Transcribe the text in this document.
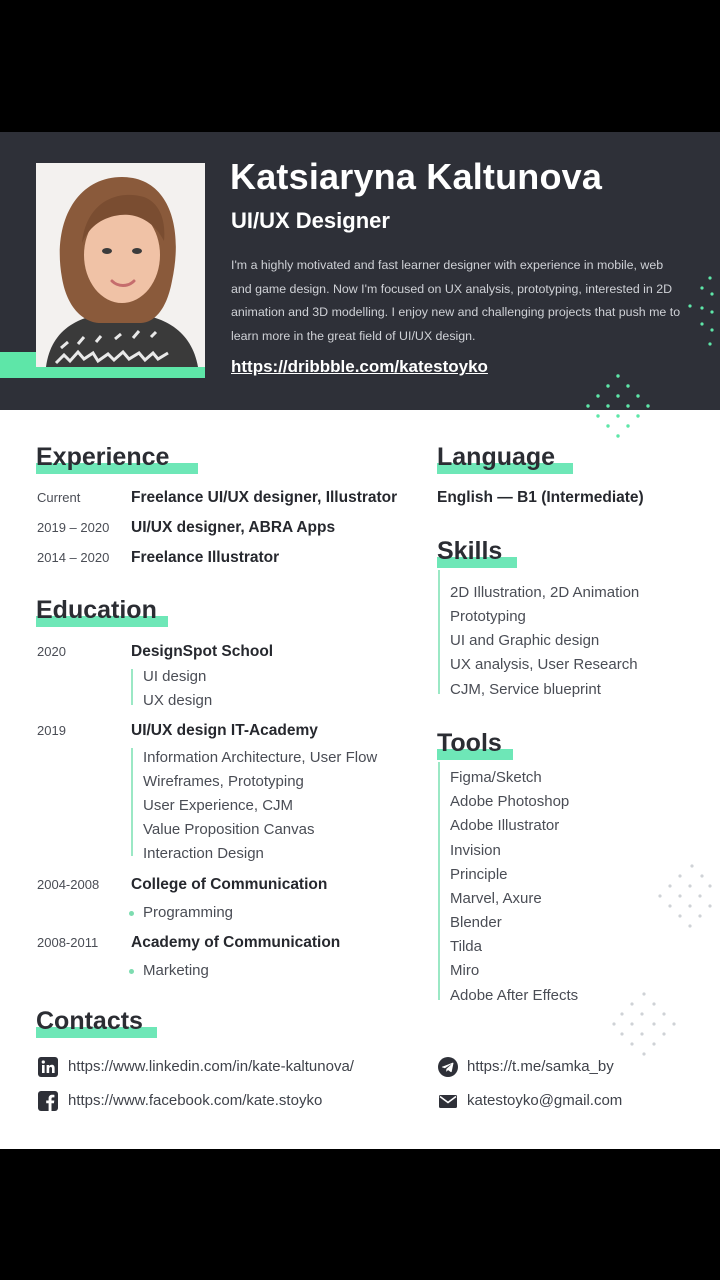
Katsiaryna Kaltunova
UI/UX Designer
I'm a highly motivated and fast learner designer with experience in mobile, web and game design. Now I'm focused on UX analysis, prototyping, interested in 2D animation and 3D modelling. I enjoy new and challenging projects that push me to learn more in the great field of UI/UX design.
https://dribbble.com/katestoyko
Experience
Current	Freelance UI/UX designer, Illustrator
2019 – 2020 UI/UX designer, ABRA Apps
2014 – 2020 Freelance Illustrator
Education
2020	DesignSpot School
UI design
UX design
2019	UI/UX design IT-Academy
Information Architecture, User Flow
Wireframes, Prototyping
User Experience, CJM
Value Proposition Canvas
Interaction Design
2004-2008 College of Communication
Programming
2008-2011 Academy of Communication
Marketing
Language
English — B1 (Intermediate)
Skills
2D Illustration, 2D Animation
Prototyping
UI and Graphic design
UX analysis, User Research
CJM, Service blueprint
Tools
Figma/Sketch
Adobe Photoshop
Adobe Illustrator
Invision
Principle
Marvel, Axure
Blender
Tilda
Miro
Adobe After Effects
Contacts
https://www.linkedin.com/in/kate-kaltunova/
https://www.facebook.com/kate.stoyko
https://t.me/samka_by
katestoyko@gmail.com
